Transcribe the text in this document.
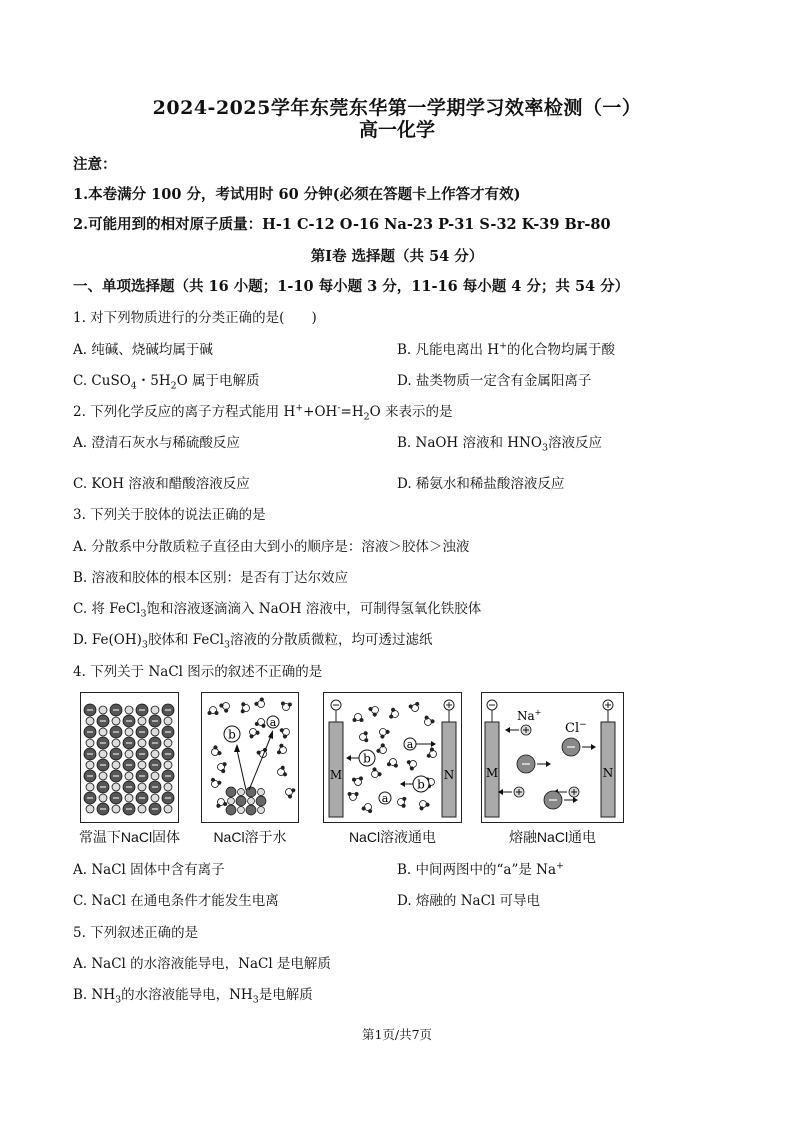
2024-2025学年东莞东华第一学期学习效率检测（一）
高一化学
注意：
1.本卷满分 100 分，考试用时 60 分钟(必须在答题卡上作答才有效)
2.可能用到的相对原子质量：H-1 C-12 O-16 Na-23 P-31 S-32 K-39 Br-80
第Ⅰ卷 选择题（共 54 分）
一、单项选择题（共 16 小题；1-10 每小题 3 分，11-16 每小题 4 分；共 54 分）
1. 对下列物质进行的分类正确的是(　　)
A. 纯碱、烧碱均属于碱	B. 凡能电离出 H+的化合物均属于酸
C. CuSO$_4$・$5H_2O$ 属于电解质	D. 盐类物质一定含有金属阳离子
2. 下列化学反应的离子方程式能用 $H^++OH^-=H_2O$ 来表示的是
A. 澄清石灰水与稀硫酸反应	B. NaOH 溶液和 $HNO_3$溶液反应
C. KOH 溶液和醋酸溶液反应	D. 稀氨水和稀盐酸溶液反应
3. 下列关于胶体的说法正确的是
A. 分散系中分散质粒子直径由大到小的顺序是：溶液＞胶体＞浊液
B. 溶液和胶体的根本区别：是否有丁达尔效应
C. 将 FeCl$_3$饱和溶液逐滴滴入 NaOH 溶液中，可制得氢氧化铁胶体
D. $Fe(OH)_3$胶体和 FeCl$_3$溶液的分散质微粒，均可透过滤纸
4. 下列关于 NaCl 图示的叙述不正确的是
b
a
M	N
b
a
b
a
M	N
Na+
Cl−
常温下NaCl固体	NaCl溶于水	NaCl溶液通电	熔融NaCl通电
A. NaCl 固体中含有离子	B. 中间两图中的“a”是 Na+
C. NaCl 在通电条件才能发生电离	D. 熔融的 NaCl 可导电
5. 下列叙述正确的是
A. NaCl 的水溶液能导电，NaCl 是电解质
B. $NH_3$的水溶液能导电，$NH_3$是电解质
第1页/共7页
